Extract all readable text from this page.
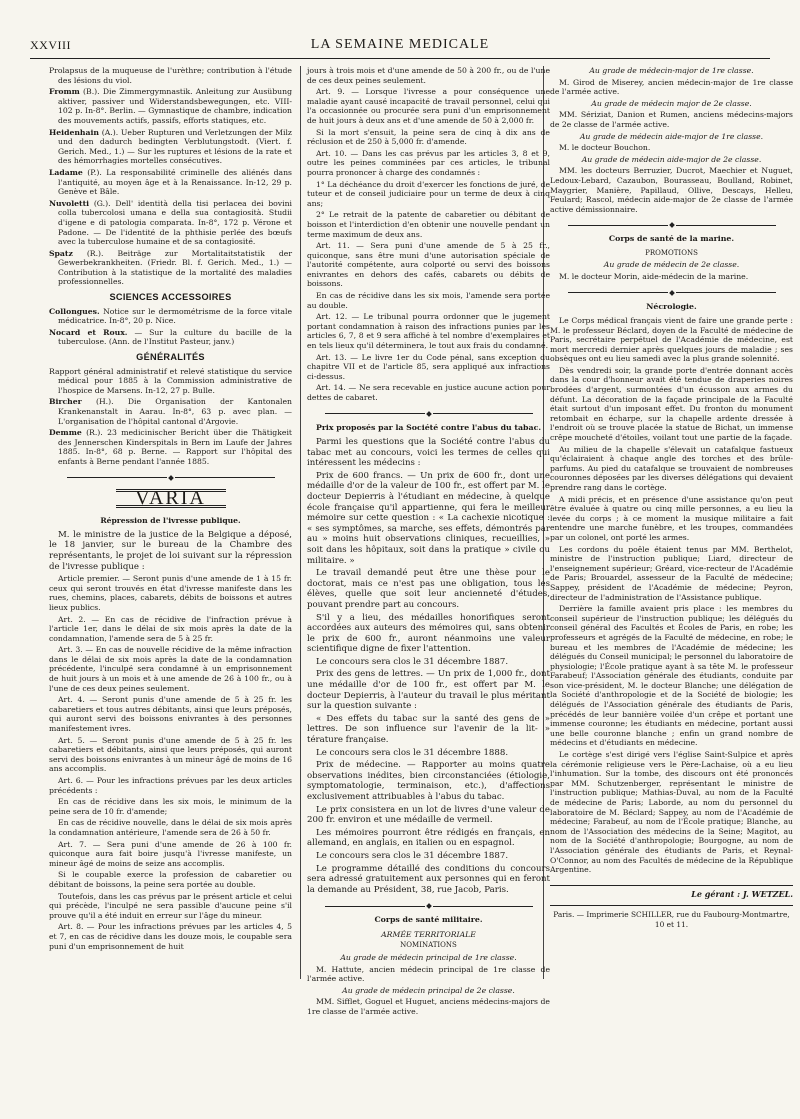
XXVIII	LA SEMAINE MEDICALE

Prolapsus de la muqueuse de l'urèthre; contribution à l'étude des lésions du viol.

Fromm (B.). Die Zimmergymnastik. Anleitung zur Ausübung aktiver, passiver und Widerstandsbewegungen, etc. VIII-102 p. In-8°. Berlin. — Gymnastique de chambre, indication des mouvements actifs, passifs, efforts statiques, etc.

Heidenhain (A.). Ueber Rupturen und Verletzungen der Milz und den dadurch bedingten Verblutungstodt. (Viert. f. Gerich. Med., 1.) — Sur les ruptures et lésions de la rate et des hémorrhagies mortelles consécutives.

Ladame (P.). La responsabilité criminelle des aliénés dans l'antiquité, au moyen âge et à la Renaissance. In-12, 29 p. Genève et Bâle.

Nuvoletti (G.). Dell' identità della tisi perlacea dei bovini colla tubercolosi umana e della sua contagiosità. Studii d'igene e di patologia comparata. In-8°, 172 p. Vérone et Padone. — De l'identité de la phthisie perlée des bœufs avec la tuberculose humaine et de sa contagiosité.

Spatz (R.). Beiträge zur Mortalitaitstatistik der Gewerbekrankheiten. (Friedr. Bl. f. Gerich. Med., 1.) — Contribution à la statistique de la mortalité des maladies professionnelles.

SCIENCES ACCESSOIRES

Collongues. Notice sur le dermométrisme de la force vitale médicatrice. In-8°, 20 p. Nice.

Nocard et Roux. — Sur la culture du bacille de la tuberculose. (Ann. de l'Institut Pasteur, janv.)

GÉNÉRALITÉS

Rapport général administratif et relevé statistique du service médical pour 1885 à la Commission administrative de l'hospice de Marsens. In-12, 27 p. Bulle.

Bircher (H.). Die Organisation der Kantonalen Krankenanstalt in Aarau. In-8°, 63 p. avec plan. — L'organisation de l'hôpital cantonal d'Argovie.

Demme (R.). 23 medicinischer Bericht über die Thätigkeit des Jennerschen Kinderspitals in Bern im Laufe der Jahres 1885. In-8°, 68 p. Berne. — Rapport sur l'hôpital des enfants à Berne pendant l'année 1885.

VARIA
Répression de l'ivresse publique.

M. le ministre de la justice de la Belgique a déposé, le 18 janvier, sur le bureau de la Chambre des représentants, le projet de loi suivant sur la répression de l'ivresse publique :

Article premier. — Seront punis d'une amende de 1 à 15 fr. ceux qui seront trouvés en état d'ivresse manifeste dans les rues, chemins, places, cabarets, débits de boissons et autres lieux publics.

Art. 2. — En cas de récidive de l'infraction prévue à l'article 1er, dans le délai de six mois après la date de la condamnation, l'amende sera de 5 à 25 fr.

Art. 3. — En cas de nouvelle récidive de la même infraction dans le délai de six mois après la date de la condamnation précédente, l'inculpé sera condamné à un emprisonnement de huit jours à un mois et à une amende de 26 à 100 fr., ou à l'une de ces deux peines seulement.

Art. 4. — Seront punis d'une amende de 5 à 25 fr. les cabaretiers et tous autres débitants, ainsi que leurs préposés, qui auront servi des boissons enivrantes à des personnes manifestement ivres.

Art. 5. — Seront punis d'une amende de 5 à 25 fr. les cabaretiers et débitants, ainsi que leurs préposés, qui auront servi des boissons enivrantes à un mineur âgé de moins de 16 ans accomplis.

Art. 6. — Pour les infractions prévues par les deux articles précédents :

En cas de récidive dans les six mois, le minimum de la peine sera de 10 fr. d'amende;

En cas de récidive nouvelle, dans le délai de six mois après la condamnation antérieure, l'amende sera de 26 à 50 fr.

Art. 7. — Sera puni d'une amende de 26 à 100 fr. quiconque aura fait boire jusqu'à l'ivresse manifeste, un mineur âgé de moins de seize ans accomplis.

Si le coupable exerce la profession de cabaretier ou débitant de boissons, la peine sera portée au double.

Toutefois, dans les cas prévus par le présent article et celui qui précède, l'inculpé ne sera passible d'aucune peine s'il prouve qu'il a été induit en erreur sur l'âge du mineur.

Art. 8. — Pour les infractions prévues par les articles 4, 5 et 7, en cas de récidive dans les douze mois, le coupable sera puni d'un emprisonnement de huit

jours à trois mois et d'une amende de 50 à 200 fr., ou de l'une de ces deux peines seulement.

Art. 9. — Lorsque l'ivresse a pour conséquence une maladie ayant causé incapacité de travail personnel, celui qui l'a occasionnée ou procurée sera puni d'un emprisonnement de huit jours à deux ans et d'une amende de 50 à 2,000 fr.

Si la mort s'ensuit, la peine sera de cinq à dix ans de réclusion et de 250 à 5,000 fr. d'amende.

Art. 10. — Dans les cas prévus par les articles 3, 8 et 9, outre les peines comminées par ces articles, le tribunal pourra prononcer à charge des condamnés :

1° La déchéance du droit d'exercer les fonctions de juré, de tuteur et de conseil judiciaire pour un terme de deux à cinq ans;

2° Le retrait de la patente de cabaretier ou débitant de boisson et l'interdiction d'en obtenir une nouvelle pendant un terme maximum de deux ans.

Art. 11. — Sera puni d'une amende de 5 à 25 fr., quiconque, sans être muni d'une autorisation spéciale de l'autorité compétente, aura colporté ou servi des boissons enivrantes en dehors des cafés, cabarets ou débits de boissons.

En cas de récidive dans les six mois, l'amende sera portée au double.

Art. 12. — Le tribunal pourra ordonner que le jugement portant condamnation à raison des infractions punies par les articles 6, 7, 8 et 9 sera affiché à tel nombre d'exemplaires et en tels lieux qu'il déterminera, le tout aux frais du condamné.

Art. 13. — Le livre 1er du Code pénal, sans exception du chapitre VII et de l'article 85, sera appliqué aux infractions ci-dessus.

Art. 14. — Ne sera recevable en justice aucune action pour dettes de cabaret.

Prix proposés par la Société contre l'abus du tabac.

Parmi les questions que la Société contre l'abus du tabac met au concours, voici les termes de celles qui intéressent les médecins :

Prix de 600 francs. — Un prix de 600 fr., dont une médaille d'or de la valeur de 100 fr., est offert par M. le docteur Depierris à l'étudiant en médecine, à quelque école française qu'il appartienne, qui fera le meilleur mémoire sur cette question : « La cachexie nicotique : « ses symptômes, sa marche, ses effets, démontrés par au » moins huit observations cliniques, recueillies, » soit dans les hôpitaux, soit dans la pratique » civile ou militaire. »

Le travail demandé peut être une thèse pour le doctorat, mais ce n'est pas une obligation, tous les élèves, quelle que soit leur ancienneté d'études, pouvant prendre part au concours.

S'il y a lieu, des médailles honorifiques seront accordées aux auteurs des mémoires qui, sans obtenir le prix de 600 fr., auront néanmoins une valeur scientifique digne de fixer l'attention.

Le concours sera clos le 31 décembre 1887.

Prix des gens de lettres. — Un prix de 1,000 fr., dont une médaille d'or de 100 fr., est offert par M. le docteur Depierris, à l'auteur du travail le plus méritant sur la question suivante :

« Des effets du tabac sur la santé des gens de » lettres. De son influence sur l'avenir de la lit- » térature française.

Le concours sera clos le 31 décembre 1888.

Prix de médecine. — Rapporter au moins quatre observations inédites, bien circonstanciées (étiologie, symptomatologie, terminaison, etc.), d'affections exclusivement attribuables à l'abus du tabac.

Le prix consistera en un lot de livres d'une valeur de 200 fr. environ et une médaille de vermeil.

Les mémoires pourront être rédigés en français, en allemand, en anglais, en italien ou en espagnol.

Le concours sera clos le 31 décembre 1887.

Le programme détaillé des conditions du concours sera adressé gratuitement aux personnes qui en feront la demande au Président, 38, rue Jacob, Paris.

Corps de santé militaire.

ARMÉE TERRITORIALE

NOMINATIONS

Au grade de médecin principal de 1re classe.

M. Hattute, ancien médecin principal de 1re classe de l'armée active.

Au grade de médecin principal de 2e classe.

MM. Sifflet, Goguel et Huguet, anciens médecins-majors de 1re classe de l'armée active.

Au grade de médecin-major de 1re classe.

M. Girod de Miserey, ancien médecin-major de 1re classe de l'armée active.

Au grade de médecin major de 2e classe.

MM. Sériziat, Danion et Rumen, anciens médecins-majors de 2e classe de l'armée active.

Au grade de médecin aide-major de 1re classe.

M. le docteur Bouchon.

Au grade de médecin aide-major de 2e classe.

MM. les docteurs Berruzier, Ducrot, Maechier et Nuguet, Ledoux-Lebard, Cazaubon, Bourasseau, Boulland, Robinet, Maygrier, Manière, Papillaud, Ollive, Descays, Helleu, Feulard; Rascol, médecin aide-major de 2e classe de l'armée active démissionnaire.

Corps de santé de la marine.

PROMOTIONS

Au grade de médecin de 2e classe.

M. le docteur Morin, aide-médecin de la marine.

Nécrologie.

Le Corps médical français vient de faire une grande perte : M. le professeur Béclard, doyen de la Faculté de médecine de Paris, secrétaire perpétuel de l'Académie de médecine, est mort mercredi dernier après quelques jours de maladie ; ses obsèques ont eu lieu samedi avec la plus grande solennité.

Dès vendredi soir, la grande porte d'entrée donnant accès dans la cour d'honneur avait été tendue de draperies noires brodées d'argent, surmontées d'un écusson aux armes du défunt. La décoration de la façade principale de la Faculté était surtout d'un imposant effet. Du fronton du monument retombait en écharpe, sur la chapelle ardente dressée à l'endroit où se trouve placée la statue de Bichat, un immense crêpe moucheté d'étoiles, voilant tout une partie de la façade.

Au milieu de la chapelle s'élevait un catafalque fastueux qu'éclairaient à chaque angle des torches et des brûle-parfums. Au pied du catafalque se trouvaient de nombreuses couronnes déposées par les diverses délégations qui devaient prendre rang dans le cortège.

A midi précis, et en présence d'une assistance qu'on peut être évaluée à quatre ou cinq mille personnes, a eu lieu la levée du corps ; à ce moment la musique militaire a fait entendre une marche funèbre, et les troupes, commandées par un colonel, ont porté les armes.

Les cordons du poêle étaient tenus par MM. Berthelot, ministre de l'instruction publique; Liard, directeur de l'enseignement supérieur; Gréard, vice-recteur de l'Académie de Paris; Brouardel, assesseur de la Faculté de médecine; Sappey, président de l'Académie de médecine; Peyron, directeur de l'administration de l'Assistance publique.

Derrière la famille avaient pris place : les membres du conseil supérieur de l'instruction publique; les délégués du conseil général des Facultés et Écoles de Paris, en robe; les professeurs et agrégés de la Faculté de médecine, en robe; le bureau et les membres de l'Académie de médecine; les délégués du Conseil municipal; le personnel du laboratoire de physiologie; l'École pratique ayant à sa tête M. le professeur Farabeuf; l'Association générale des étudiants, conduite par son vice-président, M. le docteur Blanche; une délégation de la Société d'anthropologie et de la Société de biologie; les délégués de l'Association générale des étudiants de Paris, précédés de leur bannière voilée d'un crêpe et portant une immense couronne; les étudiants en médecine, portant aussi une belle couronne blanche ; enfin un grand nombre de médecins et d'étudiants en médecine.

Le cortège s'est dirigé vers l'église Saint-Sulpice et après la cérémonie religieuse vers le Père-Lachaise, où a eu lieu l'inhumation. Sur la tombe, des discours ont été prononcés par MM. Schutzenberger, représentant le ministre de l'instruction publique; Mathias-Duval, au nom de la Faculté de médecine de Paris; Laborde, au nom du personnel du laboratoire de M. Béclard; Sappey, au nom de l'Académie de médecine; Farabeuf, au nom de l'École pratique; Blanche, au nom de l'Association des médecins de la Seine; Magitot, au nom de la Société d'anthropologie; Bourgogne, au nom de l'Association générale des étudiants de Paris, et Reynal-O'Connor, au nom des Facultés de médecine de la République Argentine.

Le gérant : J. WETZEL.
Paris. — Imprimerie SCHILLER, rue du Faubourg-Montmartre, 10 et 11.
